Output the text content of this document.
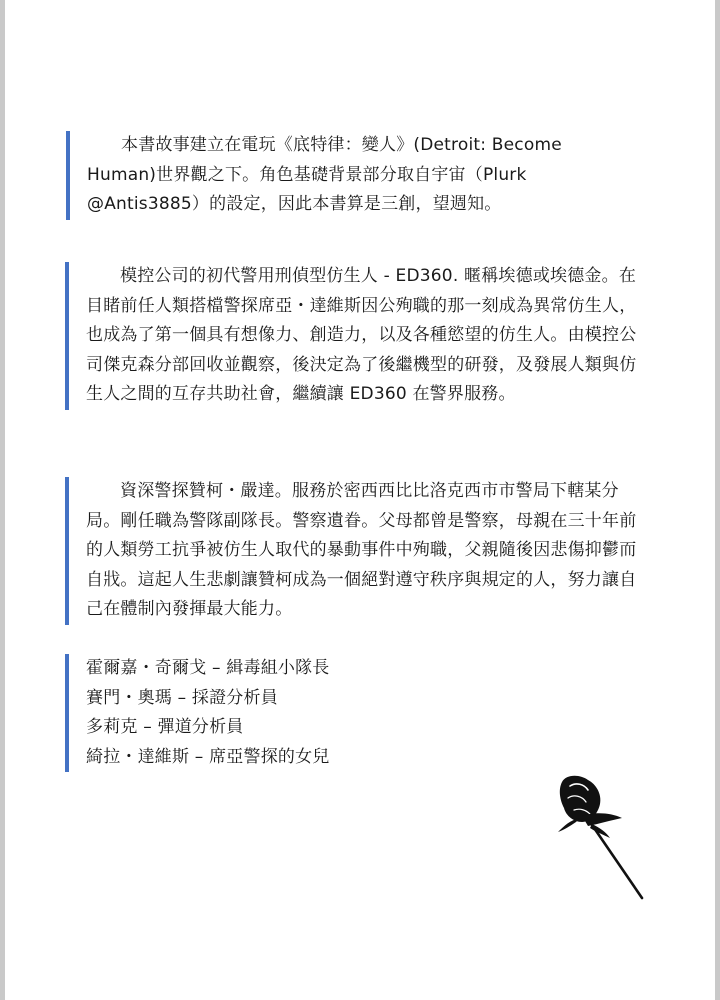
本書故事建立在電玩《底特律：變人》(Detroit: Become Human)世界觀之下。角色基礎背景部分取自宇宙（Plurk @Antis3885）的設定，因此本書算是三創，望週知。

模控公司的初代警用刑偵型仿生人 - ED360. 暱稱埃德或埃德金。在目睹前任人類搭檔警探席亞・達維斯因公殉職的那一刻成為異常仿生人，也成為了第一個具有想像力、創造力，以及各種慾望的仿生人。由模控公司傑克森分部回收並觀察，後決定為了後繼機型的研發，及發展人類與仿生人之間的互存共助社會，繼續讓 ED360 在警界服務。

資深警探贊柯・嚴達。服務於密西西比比洛克西市市警局下轄某分局。剛任職為警隊副隊長。警察遺眷。父母都曾是警察，母親在三十年前的人類勞工抗爭被仿生人取代的暴動事件中殉職，父親隨後因悲傷抑鬱而自戕。這起人生悲劇讓贊柯成為一個絕對遵守秩序與規定的人，努力讓自己在體制內發揮最大能力。

霍爾嘉・奇爾戈 – 緝毒組小隊長
賽門・奧瑪 – 採證分析員
多莉克 – 彈道分析員
綺拉・達維斯 – 席亞警探的女兒
